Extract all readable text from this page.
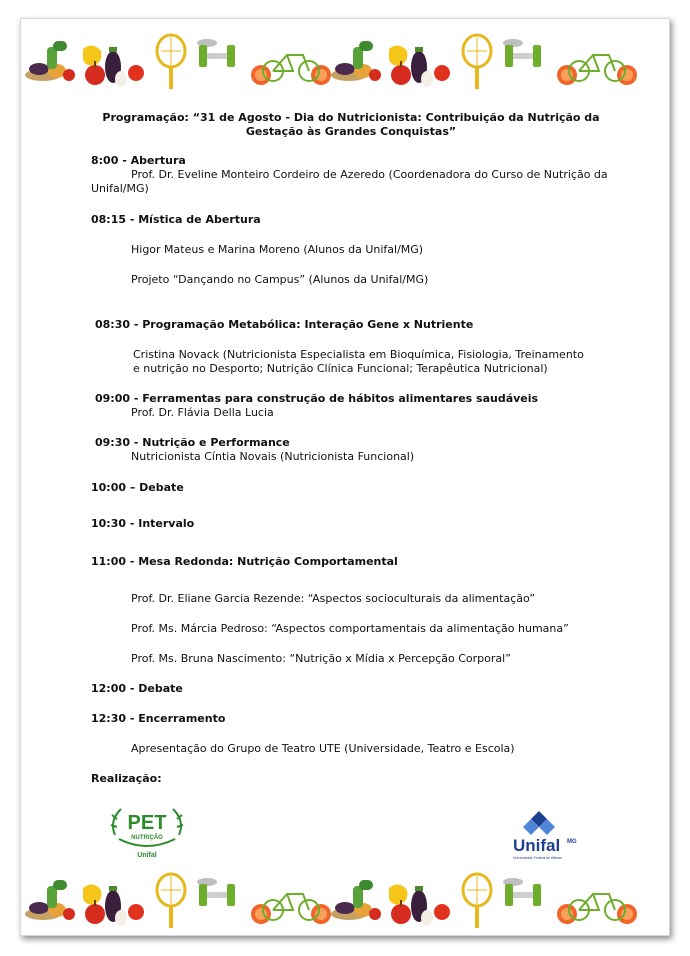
Programação: “31 de Agosto - Dia do Nutricionista: Contribuição da Nutrição da Gestação às Grandes Conquistas”
8:00 - Abertura
Prof. Dr. Eveline Monteiro Cordeiro de Azeredo (Coordenadora do Curso de Nutrição da Unifal/MG)
08:15 - Mística de Abertura
Higor Mateus e Marina Moreno (Alunos da Unifal/MG)
Projeto “Dançando no Campus” (Alunos da Unifal/MG)
08:30 - Programação Metabólica: Interação Gene x Nutriente
Cristina Novack (Nutricionista Especialista em Bioquímica, Fisiologia, Treinamento e nutrição no Desporto; Nutrição Clínica Funcional; Terapêutica Nutricional)
09:00 - Ferramentas para construção de hábitos alimentares saudáveis
Prof. Dr. Flávia Della Lucia
09:30 - Nutrição e Performance
Nutricionista Cíntia Novais (Nutricionista Funcional)
10:00 – Debate
10:30 - Intervalo
11:00 - Mesa Redonda: Nutrição Comportamental
Prof. Dr. Eliane Garcia Rezende: “Aspectos socioculturais da alimentação”
Prof. Ms. Márcia Pedroso: “Aspectos comportamentais da alimentação humana”
Prof. Ms. Bruna Nascimento: “Nutrição x Mídia x Percepção Corporal”
12:00 - Debate
12:30 - Encerramento
Apresentação do Grupo de Teatro UTE (Universidade, Teatro e Escola)
Realização:
PET
NUTRIÇÃO
Unifal
Unifal MG
Universidade Federal de Alfenas
